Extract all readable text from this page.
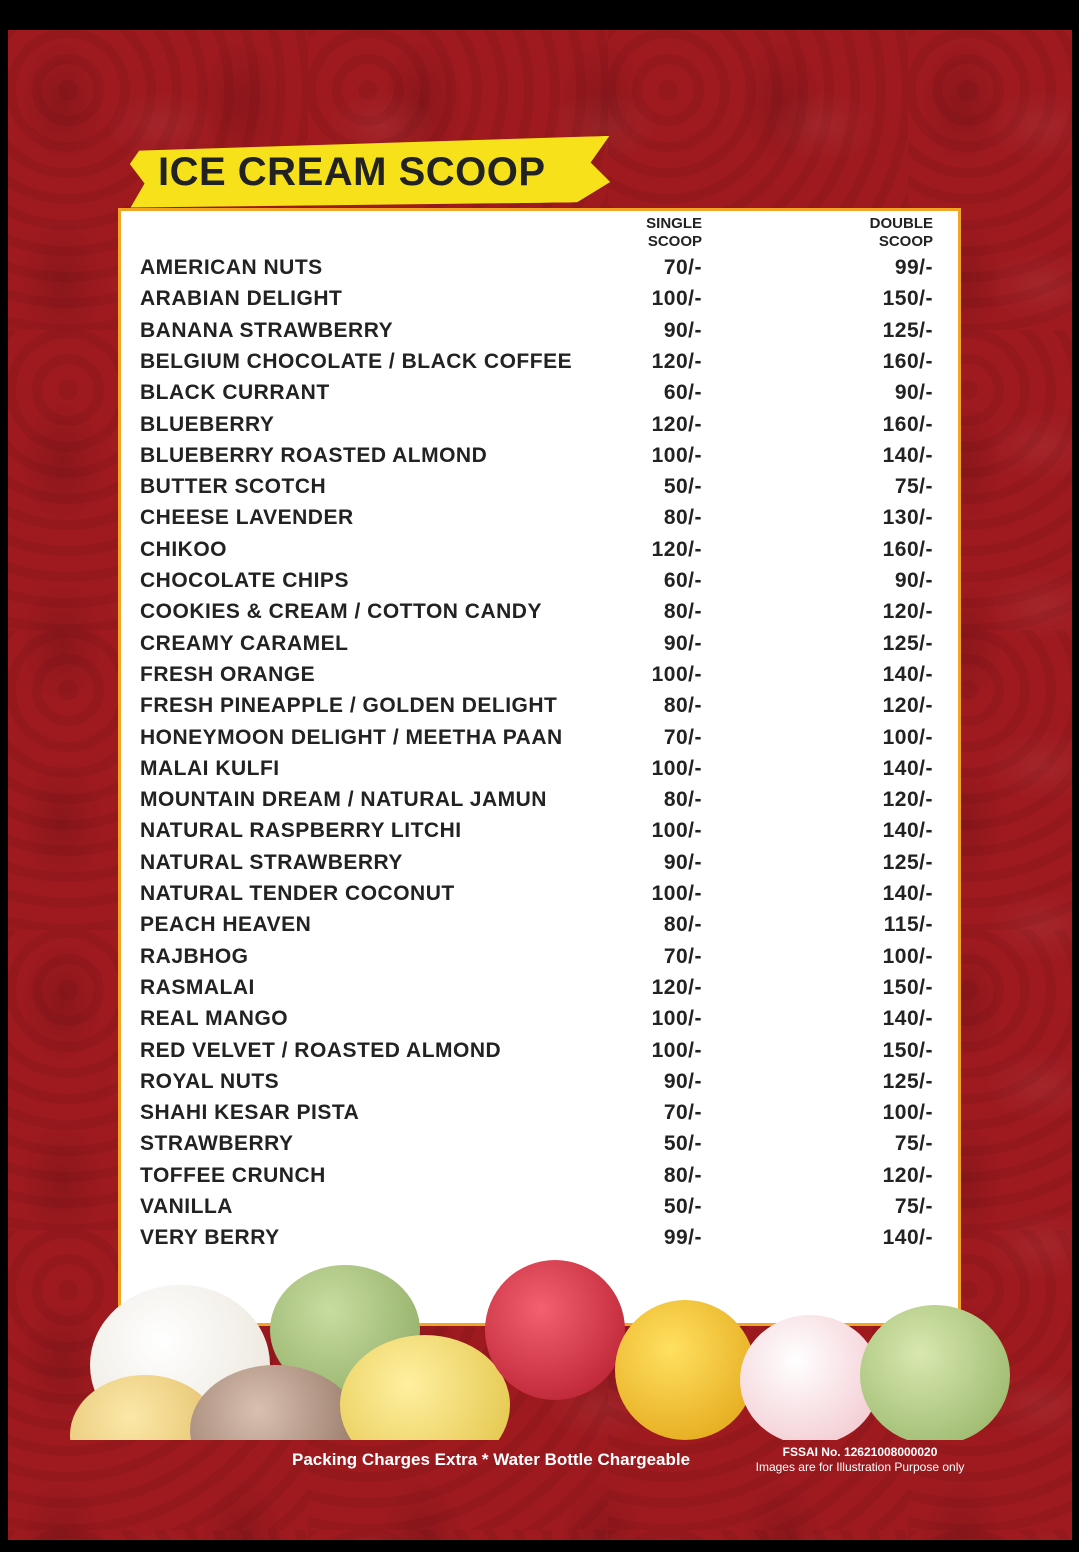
ICE CREAM SCOOP
SINGLE SCOOP
DOUBLE SCOOP
AMERICAN NUTS	70/-	99/-
ARABIAN DELIGHT	100/-	150/-
BANANA STRAWBERRY	90/-	125/-
BELGIUM CHOCOLATE / BLACK COFFEE	120/-	160/-
BLACK CURRANT	60/-	90/-
BLUEBERRY	120/-	160/-
BLUEBERRY ROASTED ALMOND	100/-	140/-
BUTTER SCOTCH	50/-	75/-
CHEESE LAVENDER	80/-	130/-
CHIKOO	120/-	160/-
CHOCOLATE CHIPS	60/-	90/-
COOKIES & CREAM / COTTON CANDY	80/-	120/-
CREAMY CARAMEL	90/-	125/-
FRESH ORANGE	100/-	140/-
FRESH PINEAPPLE / GOLDEN DELIGHT	80/-	120/-
HONEYMOON DELIGHT / MEETHA PAAN	70/-	100/-
MALAI KULFI	100/-	140/-
MOUNTAIN DREAM / NATURAL JAMUN	80/-	120/-
NATURAL RASPBERRY LITCHI	100/-	140/-
NATURAL STRAWBERRY	90/-	125/-
NATURAL TENDER COCONUT	100/-	140/-
PEACH HEAVEN	80/-	115/-
RAJBHOG	70/-	100/-
RASMALAI	120/-	150/-
REAL MANGO	100/-	140/-
RED VELVET / ROASTED ALMOND	100/-	150/-
ROYAL NUTS	90/-	125/-
SHAHI KESAR PISTA	70/-	100/-
STRAWBERRY	50/-	75/-
TOFFEE CRUNCH	80/-	120/-
VANILLA	50/-	75/-
VERY BERRY	99/-	140/-
Packing Charges Extra * Water Bottle Chargeable	FSSAI No. 12621008000020
Images are for Illustration Purpose only
